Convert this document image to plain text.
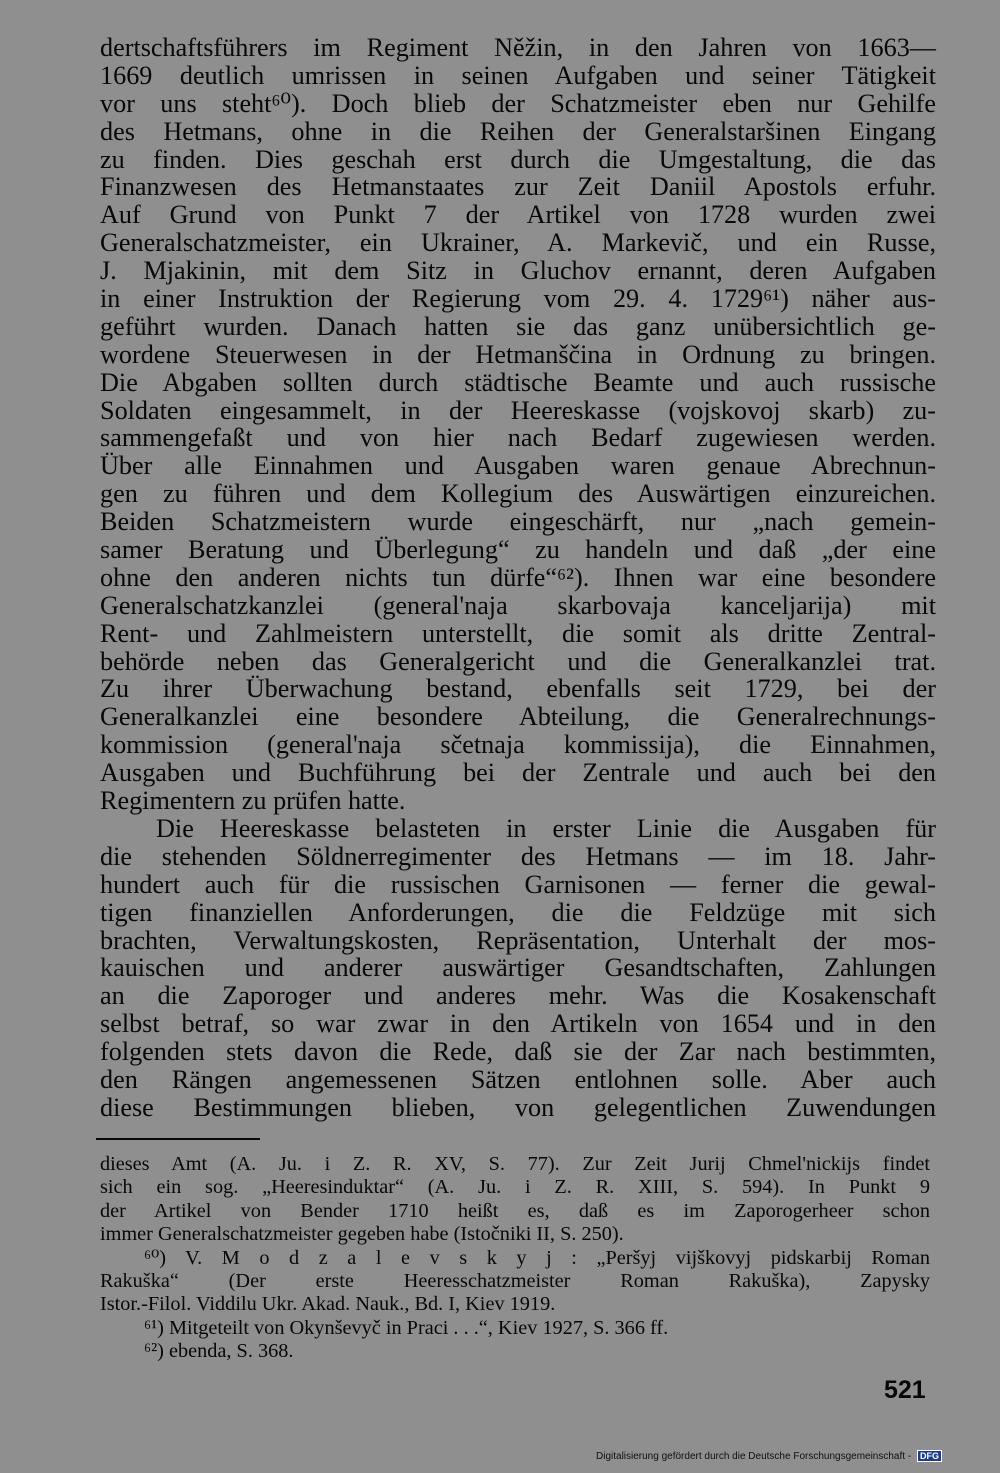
dertschaftsführers im Regiment Něžin, in den Jahren von 1663—
1669 deutlich umrissen in seinen Aufgaben und seiner Tätigkeit
vor uns steht⁶⁰). Doch blieb der Schatzmeister eben nur Gehilfe
des Hetmans, ohne in die Reihen der Generalstaršinen Eingang
zu finden. Dies geschah erst durch die Umgestaltung, die das
Finanzwesen des Hetmanstaates zur Zeit Daniil Apostols erfuhr.
Auf Grund von Punkt 7 der Artikel von 1728 wurden zwei
Generalschatzmeister, ein Ukrainer, A. Markevič, und ein Russe,
J. Mjakinin, mit dem Sitz in Gluchov ernannt, deren Aufgaben
in einer Instruktion der Regierung vom 29. 4. 1729⁶¹) näher aus-
geführt wurden. Danach hatten sie das ganz unübersichtlich ge-
wordene Steuerwesen in der Hetmanščina in Ordnung zu bringen.
Die Abgaben sollten durch städtische Beamte und auch russische
Soldaten eingesammelt, in der Heereskasse (vojskovoj skarb) zu-
sammengefaßt und von hier nach Bedarf zugewiesen werden.
Über alle Einnahmen und Ausgaben waren genaue Abrechnun-
gen zu führen und dem Kollegium des Auswärtigen einzureichen.
Beiden Schatzmeistern wurde eingeschärft, nur „nach gemein-
samer Beratung und Überlegung“ zu handeln und daß „der eine
ohne den anderen nichts tun dürfe“⁶²). Ihnen war eine besondere
Generalschatzkanzlei (general'naja skarbovaja kanceljarija) mit
Rent- und Zahlmeistern unterstellt, die somit als dritte Zentral-
behörde neben das Generalgericht und die Generalkanzlei trat.
Zu ihrer Überwachung bestand, ebenfalls seit 1729, bei der
Generalkanzlei eine besondere Abteilung, die Generalrechnungs-
kommission (general'naja sčetnaja kommissija), die Einnahmen,
Ausgaben und Buchführung bei der Zentrale und auch bei den
Regimentern zu prüfen hatte.
Die Heereskasse belasteten in erster Linie die Ausgaben für
die stehenden Söldnerregimenter des Hetmans — im 18. Jahr-
hundert auch für die russischen Garnisonen — ferner die gewal-
tigen finanziellen Anforderungen, die die Feldzüge mit sich
brachten, Verwaltungskosten, Repräsentation, Unterhalt der mos-
kauischen und anderer auswärtiger Gesandtschaften, Zahlungen
an die Zaporoger und anderes mehr. Was die Kosakenschaft
selbst betraf, so war zwar in den Artikeln von 1654 und in den
folgenden stets davon die Rede, daß sie der Zar nach bestimmten,
den Rängen angemessenen Sätzen entlohnen solle. Aber auch
diese Bestimmungen blieben, von gelegentlichen Zuwendungen
dieses Amt (A. Ju. i Z. R. XV, S. 77). Zur Zeit Jurij Chmel'nickijs findet
sich ein sog. „Heeresinduktar“ (A. Ju. i Z. R. XIII, S. 594). In Punkt 9
der Artikel von Bender 1710 heißt es, daß es im Zaporogerheer schon
immer Generalschatzmeister gegeben habe (Istočniki II, S. 250).
⁶⁰) V. M o d z a l e v s k y j : „Peršyj vijškovyj pidskarbij Roman
Rakuška“ (Der erste Heeresschatzmeister Roman Rakuška), Zapysky
Istor.-Filol. Viddilu Ukr. Akad. Nauk., Bd. I, Kiev 1919.
⁶¹) Mitgeteilt von Okynševyč in Praci . . .“, Kiev 1927, S. 366 ff.
⁶²) ebenda, S. 368.
521
Digitalisierung gefördert durch die Deutsche Forschungsgemeinschaft - DFG
